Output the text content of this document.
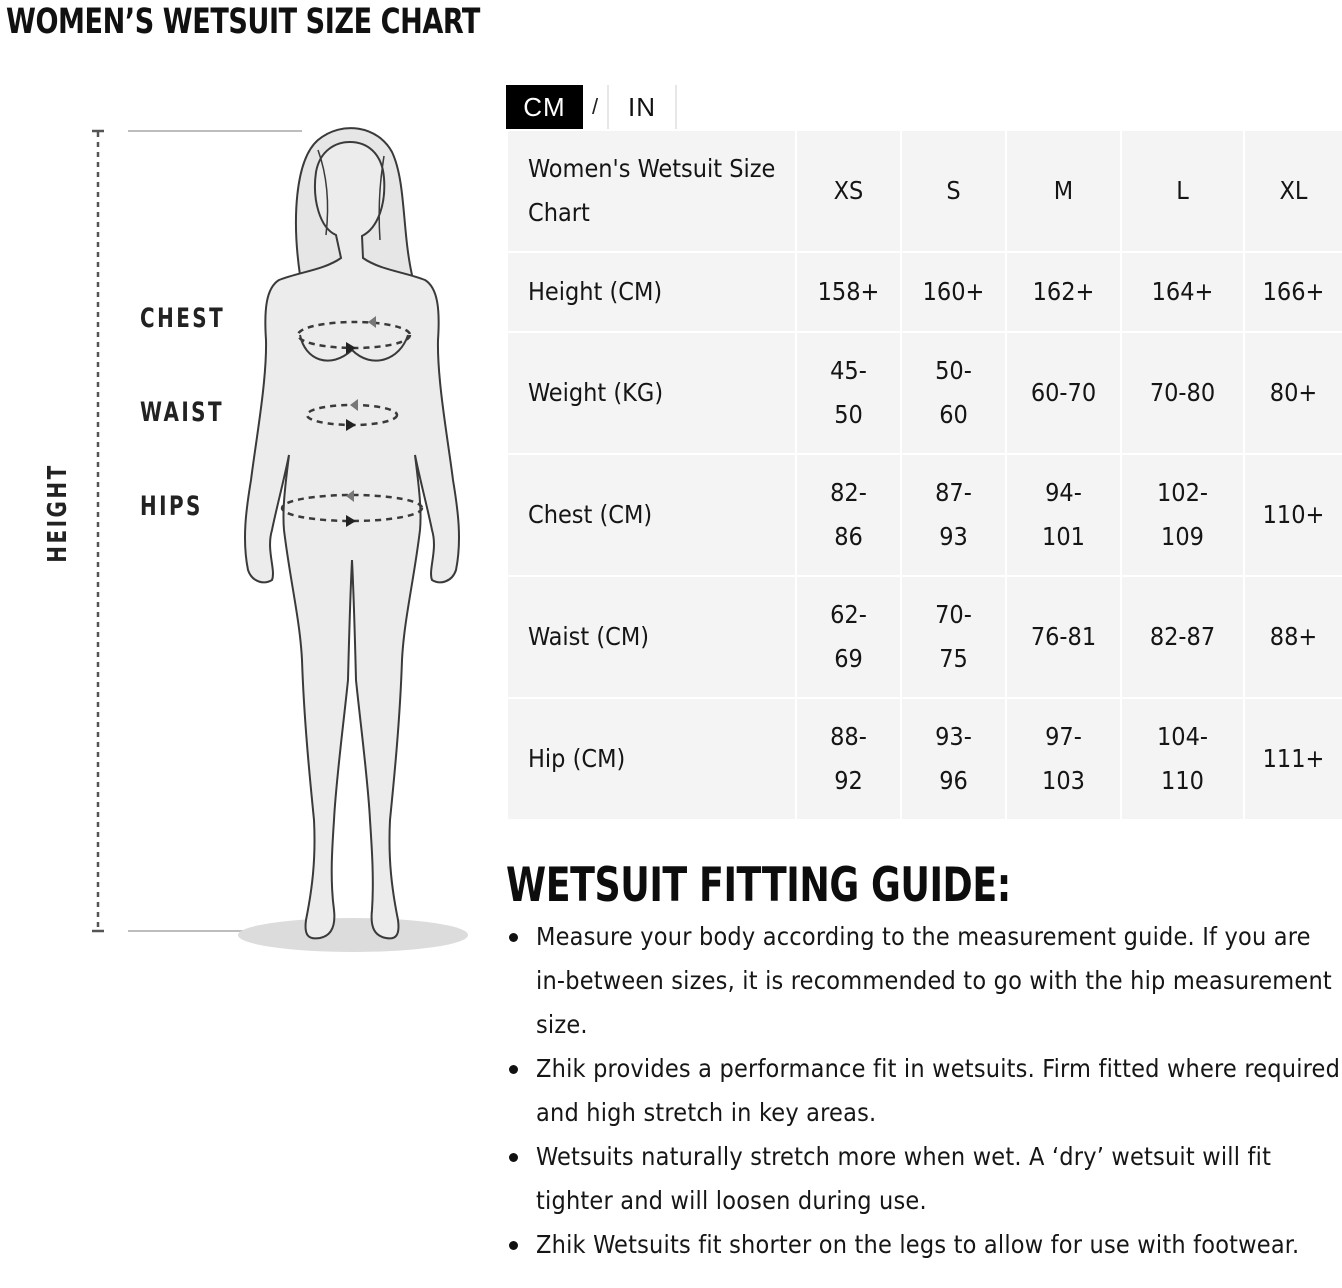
WOMEN’S WETSUIT SIZE CHART
CHEST
WAIST
HIPS
HEIGHT
CM	/	IN
Women's Wetsuit Size Chart	XS	S	M	L	XL
Height (CM)	158+	160+	162+	164+	166+
Weight (KG)	45-50	50-60	60-70	70-80	80+
Chest (CM)	82-86	87-93	94-101	102-109	110+
Waist (CM)	62-69	70-75	76-81	82-87	88+
Hip (CM)	88-92	93-96	97-103	104-110	111+
WETSUIT FITTING GUIDE:
Measure your body according to the measurement guide. If you are in-between sizes, it is recommended to go with the hip measurement size.
Zhik provides a performance fit in wetsuits. Firm fitted where required and high stretch in key areas.
Wetsuits naturally stretch more when wet. A ‘dry’ wetsuit will fit tighter and will loosen during use.
Zhik Wetsuits fit shorter on the legs to allow for use with footwear.
